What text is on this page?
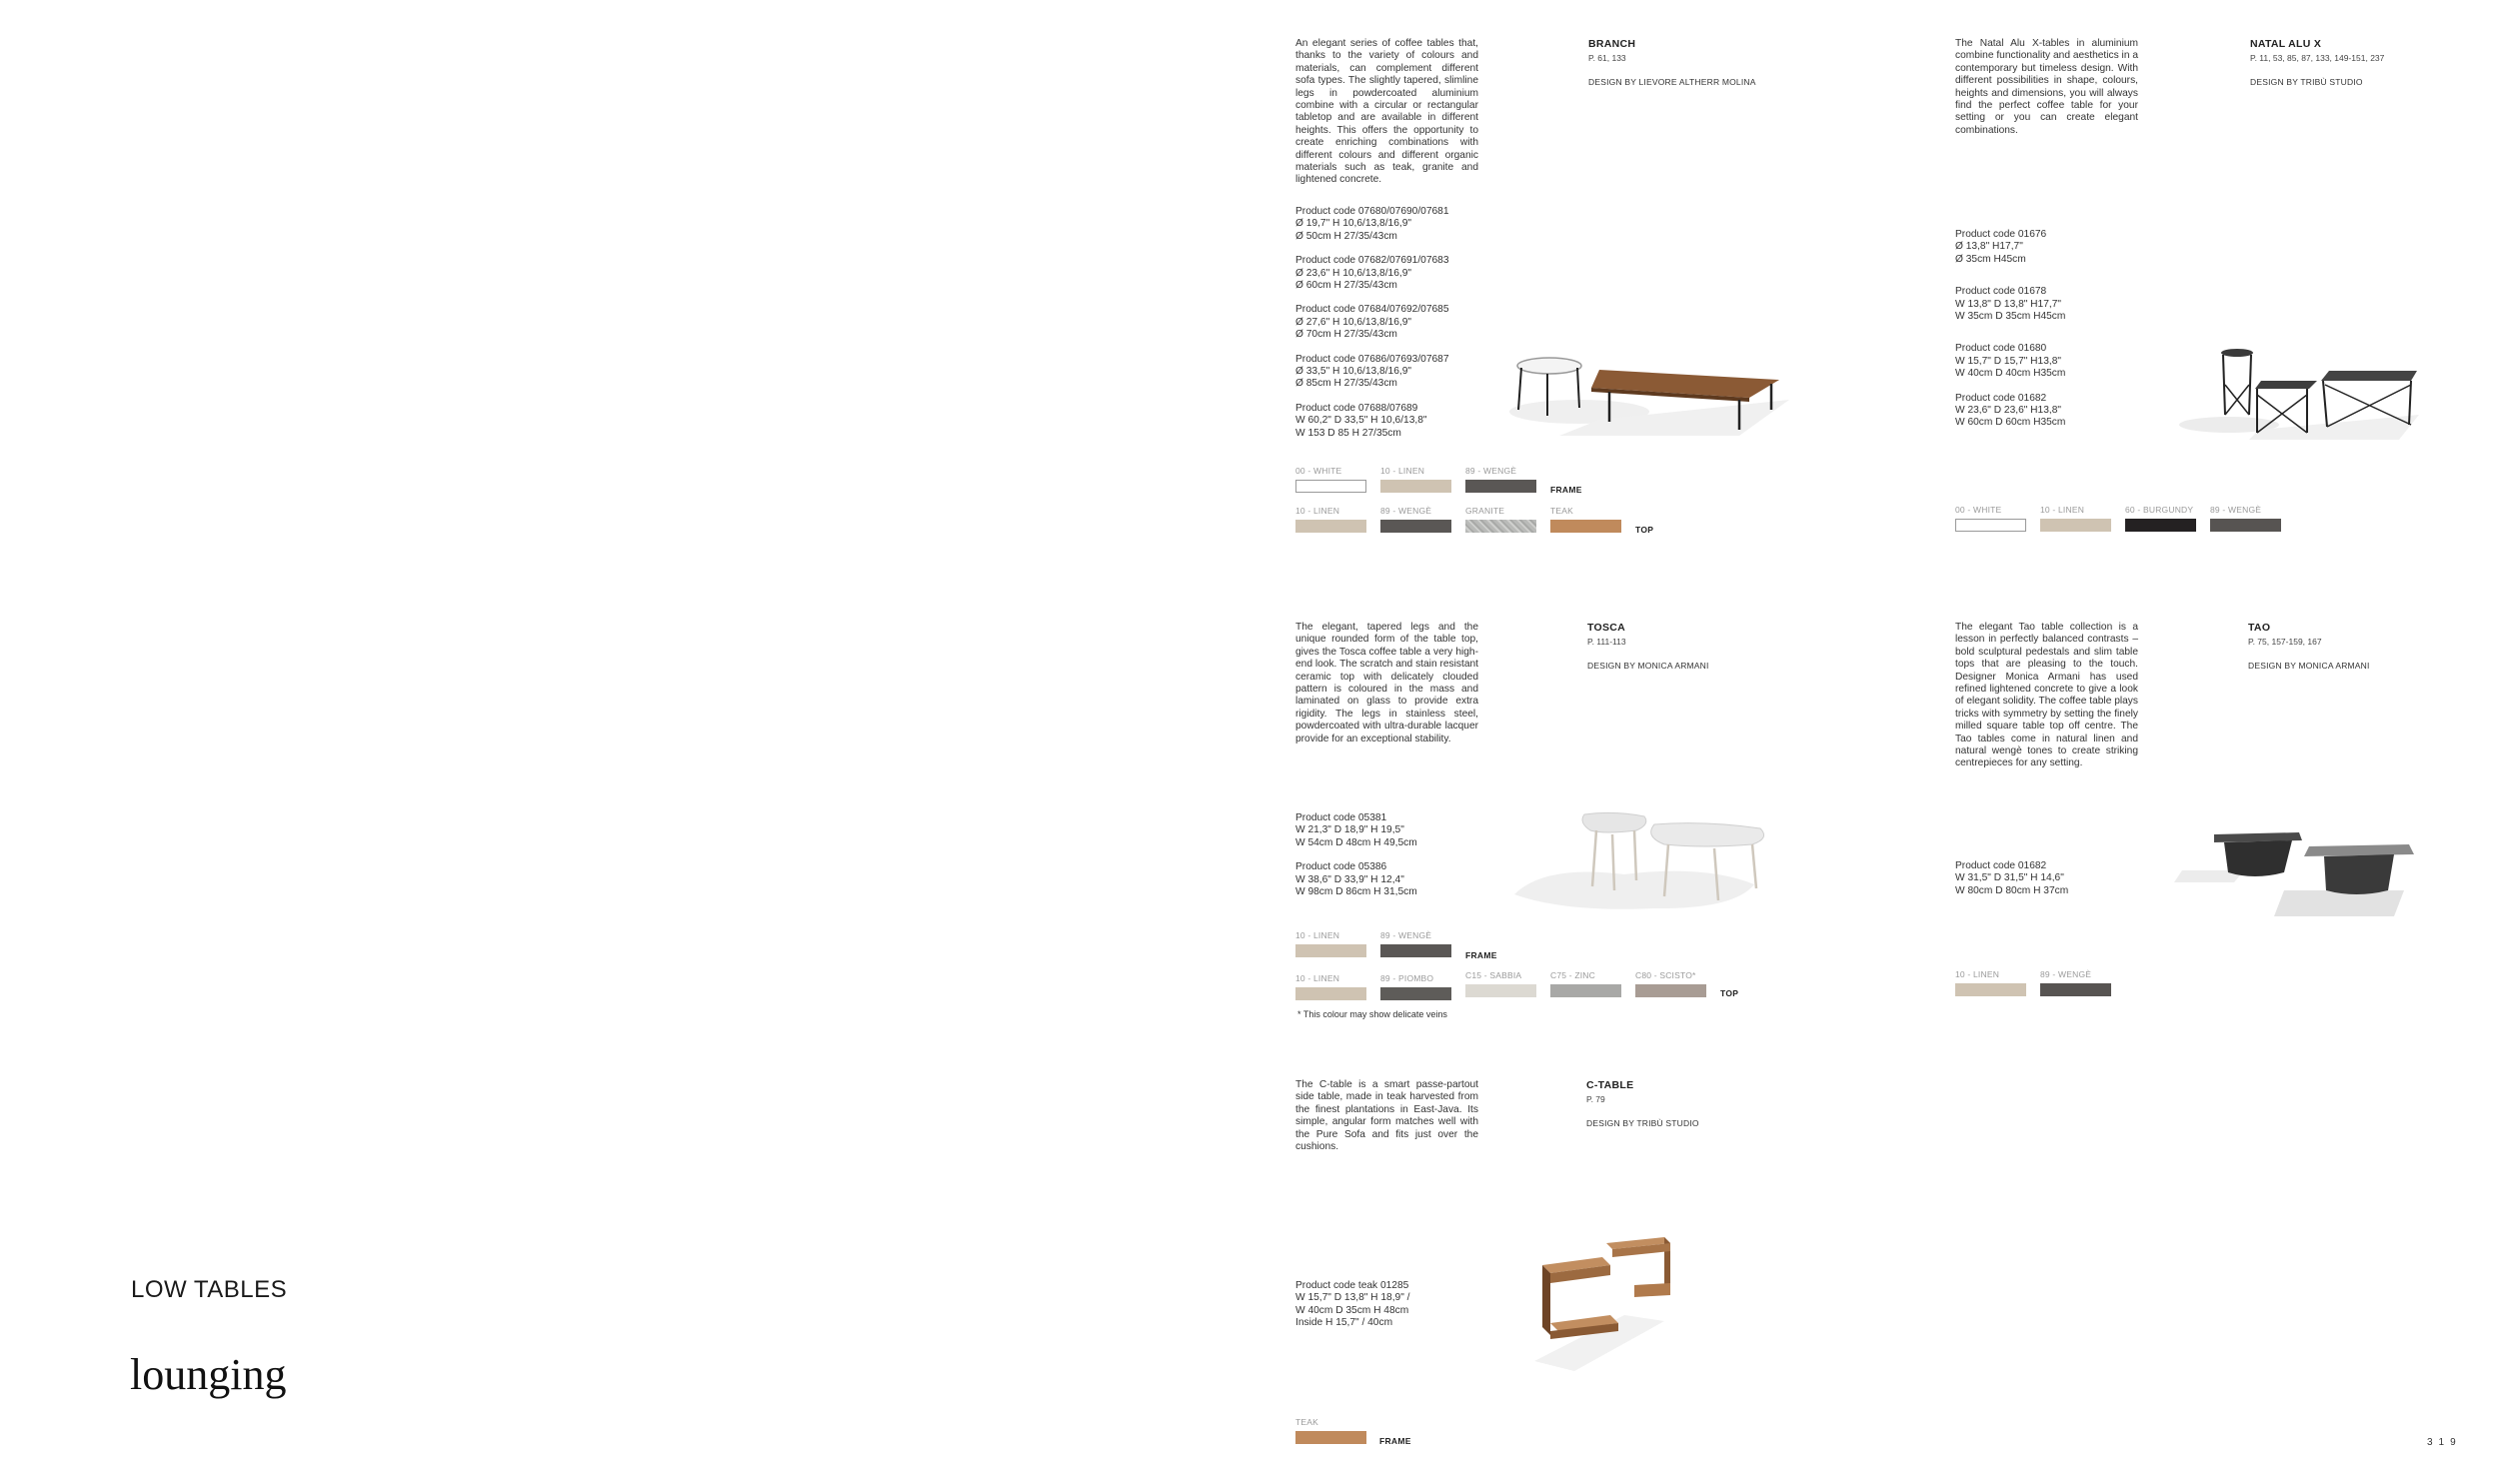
LOW TABLES
lounging
An elegant series of coffee tables that, thanks to the variety of colours and materials, can complement different sofa types. The slightly tapered, slimline legs in powdercoated aluminium combine with a circular or rectangular tabletop and are available in different heights. This offers the opportunity to create enriching combinations with different colours and different organic materials such as teak, granite and lightened concrete.
BRANCH
P. 61, 133
DESIGN BY LIEVORE ALTHERR MOLINA
Product code 07680/07690/07681
Ø 19,7" H 10,6/13,8/16,9"
Ø 50cm H 27/35/43cm
Product code 07682/07691/07683
Ø 23,6" H 10,6/13,8/16,9"
Ø 60cm H 27/35/43cm
Product code 07684/07692/07685
Ø 27,6" H 10,6/13,8/16,9"
Ø 70cm H 27/35/43cm
Product code 07686/07693/07687
Ø 33,5" H 10,6/13,8/16,9"
Ø 85cm H 27/35/43cm
Product code 07688/07689
W 60,2" D 33,5" H 10,6/13,8"
W 153 D 85 H 27/35cm
00 - WHITE	10 - LINEN	89 - WENGÈ
FRAME
10 - LINEN	89 - WENGÈ	GRANITE	TEAK
TOP
The Natal Alu X-tables in aluminium combine functionality and aesthetics in a contemporary but timeless design. With different possibilities in shape, colours, heights and dimensions, you will always find the perfect coffee table for your setting or you can create elegant combinations.
NATAL ALU X
P. 11, 53, 85, 87, 133, 149-151, 237
DESIGN BY TRIBÙ STUDIO
Product code 01676
Ø 13,8" H17,7"
Ø 35cm H45cm
Product code 01678
W 13,8" D 13,8" H17,7"
W 35cm D 35cm H45cm
Product code 01680
W 15,7" D 15,7" H13,8"
W 40cm D 40cm H35cm
Product code 01682
W 23,6" D 23,6" H13,8"
W 60cm D 60cm H35cm
00 - WHITE	10 - LINEN	60 - BURGUNDY	89 - WENGÈ
The elegant, tapered legs and the unique rounded form of the table top, gives the Tosca coffee table a very high-end look. The scratch and stain resistant ceramic top with delicately clouded pattern is coloured in the mass and laminated on glass to provide extra rigidity. The legs in stainless steel, powdercoated with ultra-durable lacquer provide for an exceptional stability.
TOSCA
P. 111-113
DESIGN BY MONICA ARMANI
Product code 05381
W 21,3" D 18,9" H 19,5"
W 54cm D 48cm H 49,5cm
Product code 05386
W 38,6" D 33,9" H 12,4"
W 98cm D 86cm H 31,5cm
10 - LINEN	89 - WENGÈ
FRAME
10 - LINEN	89 - PIOMBO	C15 - SABBIA	C75 - ZINC	C80 - SCISTO*
TOP
* This colour may show delicate veins
The elegant Tao table collection is a lesson in perfectly balanced contrasts – bold sculptural pedestals and slim table tops that are pleasing to the touch. Designer Monica Armani has used refined lightened concrete to give a look of elegant solidity. The coffee table plays tricks with symmetry by setting the finely milled square table top off centre. The Tao tables come in natural linen and natural wengè tones to create striking centrepieces for any setting.
TAO
P. 75, 157-159, 167
DESIGN BY MONICA ARMANI
Product code 01682
W 31,5" D 31,5" H 14,6"
W 80cm D 80cm H 37cm
10 - LINEN	89 - WENGÈ
The C-table is a smart passe-partout side table, made in teak harvested from the finest plantations in East-Java. Its simple, angular form matches well with the Pure Sofa and fits just over the cushions.
C-TABLE
P. 79
DESIGN BY TRIBÙ STUDIO
Product code teak 01285
W 15,7" D 13,8" H 18,9" /
W 40cm D 35cm H 48cm
Inside H 15,7" / 40cm
TEAK
FRAME	319
